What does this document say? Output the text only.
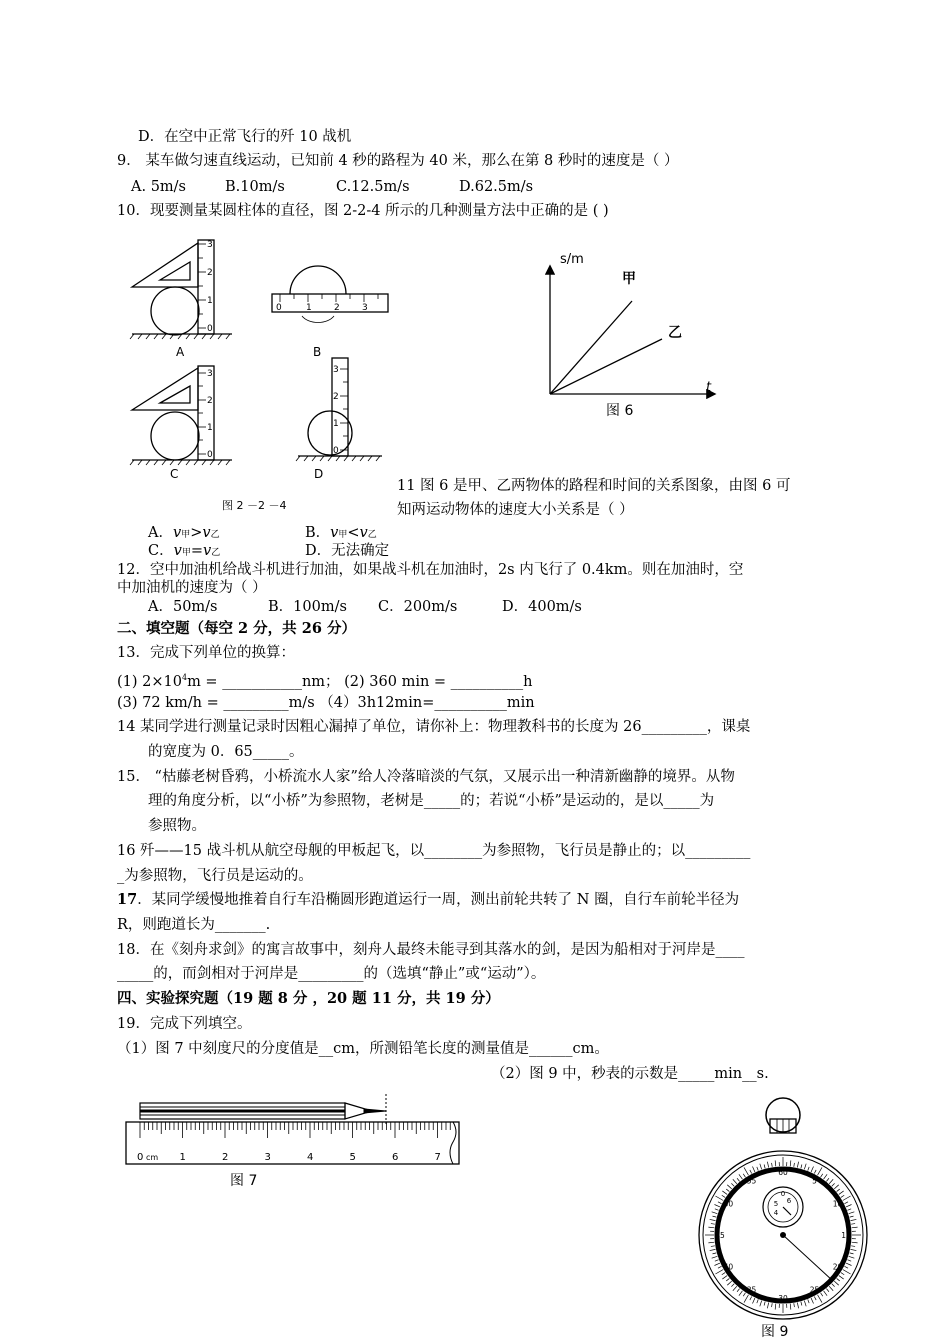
D．在空中正常飞行的歼 10 战机
9． 某车做匀速直线运动，已知前 4 秒的路程为 40 米，那么在第 8 秒时的速度是（ ）
A. 5m/s	B.10m/s	C.12.5m/s	D.62.5m/s
10．现要测量某圆柱体的直径，图 2-2-4 所示的几种测量方法中正确的是 ( )
11 图 6 是甲、乙两物体的路程和时间的关系图象，由图 6 可
知两运动物体的速度大小关系是（ ）
A．v甲>v乙	B．v甲<v乙
C．v甲=v乙	D．无法确定
12．空中加油机给战斗机进行加油，如果战斗机在加油时，2s 内飞行了 0.4km。则在加油时，空
中加油机的速度为（ ）
A．50m/s	B．100m/s C．200m/s	D．400m/s
二、填空题（每空 2 分，共 26 分）
13．完成下列单位的换算：
(1) $2\times 10^4m$ = ___________nm； (2) 360 min = __________h
(3) 72 km/h = _________m/s （4）3h12min=__________min
14 某同学进行测量记录时因粗心漏掉了单位，请你补上：物理教科书的长度为 26_________，课桌
的宽度为 0．65_____。
15． “枯藤老树昏鸦，小桥流水人家”给人冷落暗淡的气氛，又展示出一种清新幽静的境界。从物
理的角度分析，以“小桥”为参照物，老树是_____的；若说“小桥”是运动的，是以_____为
参照物。
16 歼——15 战斗机从航空母舰的甲板起飞，以________为参照物，飞行员是静止的；以_________
_为参照物，飞行员是运动的。
17．某同学缓慢地推着自行车沿椭圆形跑道运行一周，测出前轮共转了 N 圈，自行车前轮半径为
R，则跑道长为_______.
18．在《刻舟求剑》的寓言故事中，刻舟人最终未能寻到其落水的剑，是因为船相对于河岸是____
_____的，而剑相对于河岸是_________的（选填“静止”或“运动”）。
四、实验探究题（19 题 8 分 ，20 题 11 分，共 19 分）
19．完成下列填空。
（1）图 7 中刻度尺的分度值是__cm，所测铅笔长度的测量值是______cm。
（2）图 9 中，秒表的示数是_____min__s.
0
1
2
3
0	1 2 3
0
1
2
3
0
1
2
3
A	B
C	D
图 2 －2 －4
s/m
t
甲
乙
图 6
0 cm 1	2	3	4	5	6	7
图 7
60
5
10
15
20
25
30
35
40
45
50
55
0
5 6
4
图 9
